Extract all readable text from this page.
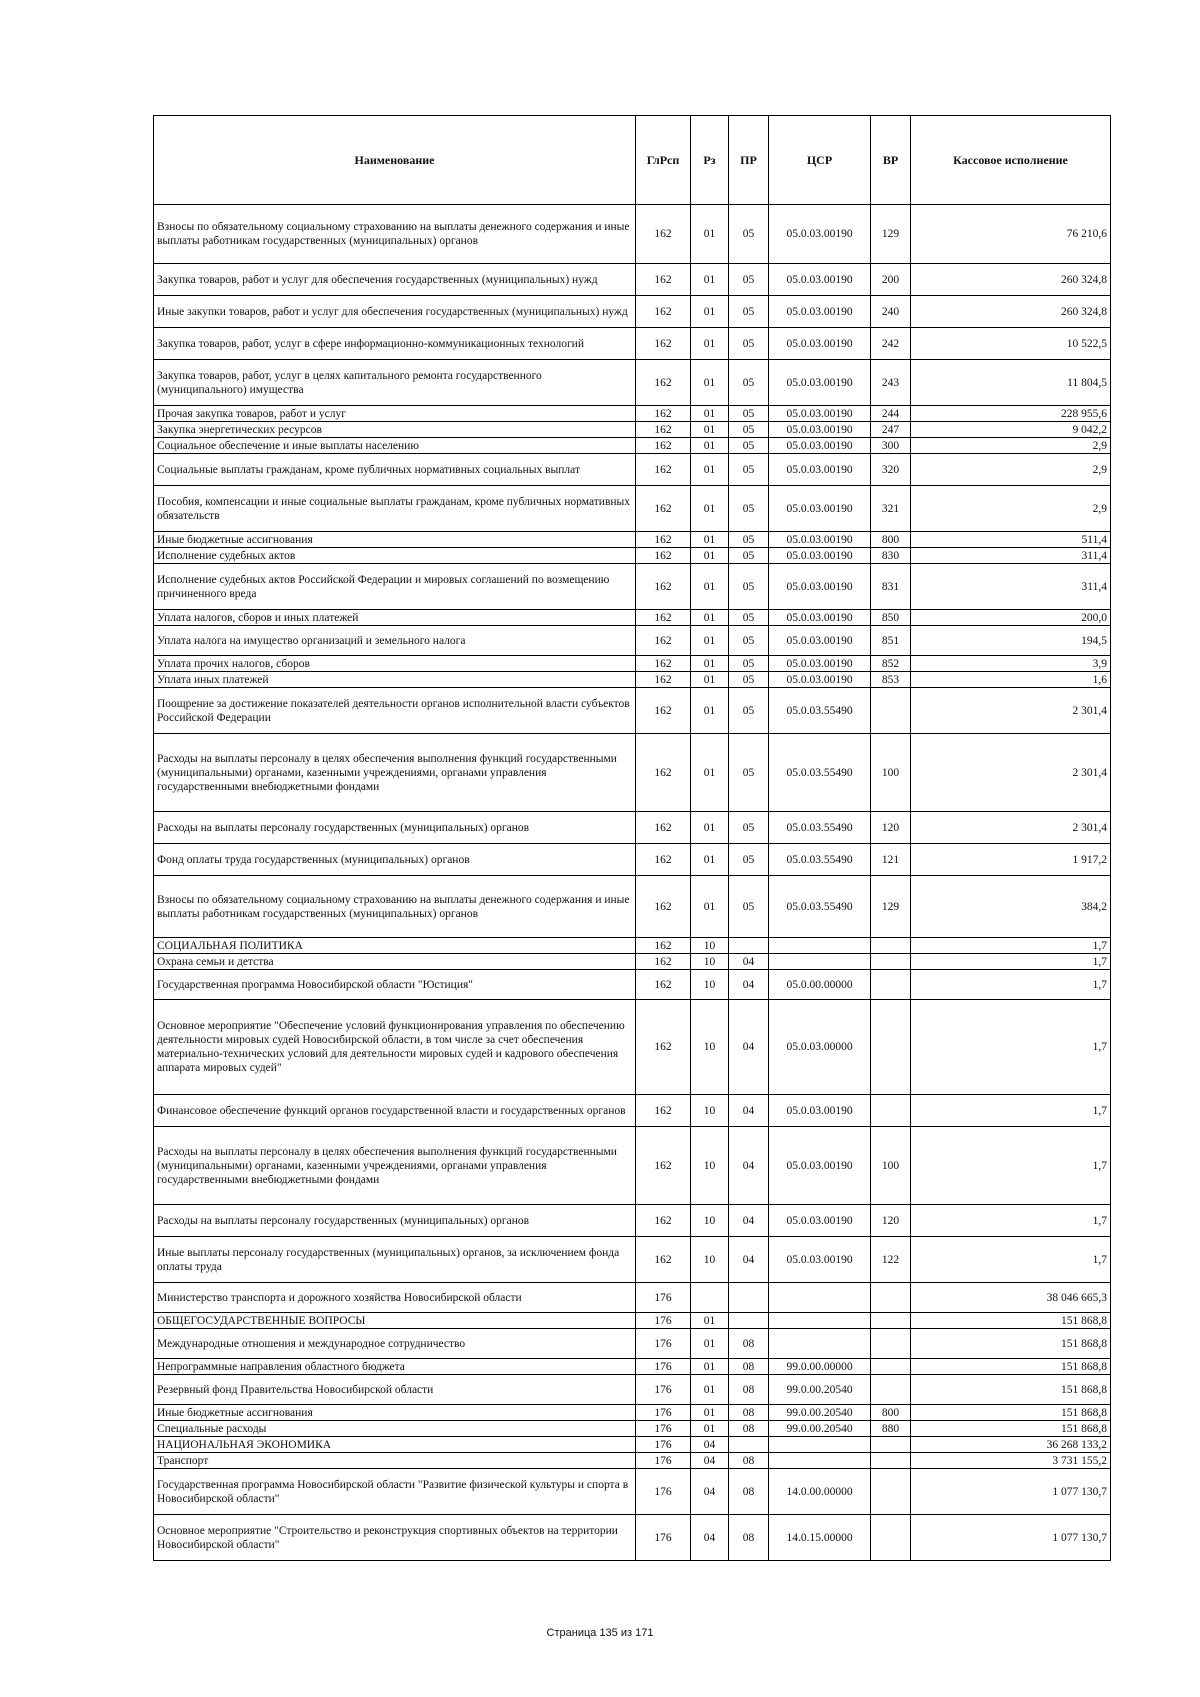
Наименование	ГлРсп	Рз	ПР	ЦСР	ВР	Кассовое исполнение
Взносы по обязательному социальному страхованию на выплаты денежного содержания и иные выплаты работникам государственных (муниципальных) органов	162	01	05	05.0.03.00190	129	76 210,6
Закупка товаров, работ и услуг для обеспечения государственных (муниципальных) нужд	162	01	05	05.0.03.00190	200	260 324,8
Иные закупки товаров, работ и услуг для обеспечения государственных (муниципальных) нужд	162	01	05	05.0.03.00190	240	260 324,8
Закупка товаров, работ, услуг в сфере информационно-коммуникационных технологий	162	01	05	05.0.03.00190	242	10 522,5
Закупка товаров, работ, услуг в целях капитального ремонта государственного (муниципального) имущества	162	01	05	05.0.03.00190	243	11 804,5
Прочая закупка товаров, работ и услуг	162	01	05	05.0.03.00190	244	228 955,6
Закупка энергетических ресурсов	162	01	05	05.0.03.00190	247	9 042,2
Социальное обеспечение и иные выплаты населению	162	01	05	05.0.03.00190	300	2,9
Социальные выплаты гражданам, кроме публичных нормативных социальных выплат	162	01	05	05.0.03.00190	320	2,9
Пособия, компенсации и иные социальные выплаты гражданам, кроме публичных нормативных обязательств	162	01	05	05.0.03.00190	321	2,9
Иные бюджетные ассигнования	162	01	05	05.0.03.00190	800	511,4
Исполнение судебных актов	162	01	05	05.0.03.00190	830	311,4
Исполнение судебных актов Российской Федерации и мировых соглашений по возмещению причиненного вреда	162	01	05	05.0.03.00190	831	311,4
Уплата налогов, сборов и иных платежей	162	01	05	05.0.03.00190	850	200,0
Уплата налога на имущество организаций и земельного налога	162	01	05	05.0.03.00190	851	194,5
Уплата прочих налогов, сборов	162	01	05	05.0.03.00190	852	3,9
Уплата иных платежей	162	01	05	05.0.03.00190	853	1,6
Поощрение за достижение показателей деятельности органов исполнительной власти субъектов Российской Федерации	162	01	05	05.0.03.55490		2 301,4
Расходы на выплаты персоналу в целях обеспечения выполнения функций государственными (муниципальными) органами, казенными учреждениями, органами управления государственными внебюджетными фондами	162	01	05	05.0.03.55490	100	2 301,4
Расходы на выплаты персоналу государственных (муниципальных) органов	162	01	05	05.0.03.55490	120	2 301,4
Фонд оплаты труда государственных (муниципальных) органов	162	01	05	05.0.03.55490	121	1 917,2
Взносы по обязательному социальному страхованию на выплаты денежного содержания и иные выплаты работникам государственных (муниципальных) органов	162	01	05	05.0.03.55490	129	384,2
СОЦИАЛЬНАЯ ПОЛИТИКА	162	10				1,7
Охрана семьи и детства	162	10	04			1,7
Государственная программа Новосибирской области "Юстиция"	162	10	04	05.0.00.00000		1,7
Основное мероприятие "Обеспечение условий функционирования управления по обеспечению деятельности мировых судей Новосибирской области, в том числе за счет обеспечения материально-технических условий для деятельности мировых судей и кадрового обеспечения аппарата мировых судей"	162	10	04	05.0.03.00000		1,7
Финансовое обеспечение функций органов государственной власти и государственных органов	162	10	04	05.0.03.00190		1,7
Расходы на выплаты персоналу в целях обеспечения выполнения функций государственными (муниципальными) органами, казенными учреждениями, органами управления государственными внебюджетными фондами	162	10	04	05.0.03.00190	100	1,7
Расходы на выплаты персоналу государственных (муниципальных) органов	162	10	04	05.0.03.00190	120	1,7
Иные выплаты персоналу государственных (муниципальных) органов, за исключением фонда оплаты труда	162	10	04	05.0.03.00190	122	1,7
Министерство транспорта и дорожного хозяйства Новосибирской области	176					38 046 665,3
ОБЩЕГОСУДАРСТВЕННЫЕ ВОПРОСЫ	176	01				151 868,8
Международные отношения и международное сотрудничество	176	01	08			151 868,8
Непрограммные направления областного бюджета	176	01	08	99.0.00.00000		151 868,8
Резервный фонд Правительства Новосибирской области	176	01	08	99.0.00.20540		151 868,8
Иные бюджетные ассигнования	176	01	08	99.0.00.20540	800	151 868,8
Специальные расходы	176	01	08	99.0.00.20540	880	151 868,8
НАЦИОНАЛЬНАЯ ЭКОНОМИКА	176	04				36 268 133,2
Транспорт	176	04	08			3 731 155,2
Государственная программа Новосибирской области "Развитие физической культуры и спорта в Новосибирской области"	176	04	08	14.0.00.00000		1 077 130,7
Основное мероприятие "Строительство и реконструкция спортивных объектов на территории Новосибирской области"	176	04	08	14.0.15.00000		1 077 130,7
Страница 135 из 171
